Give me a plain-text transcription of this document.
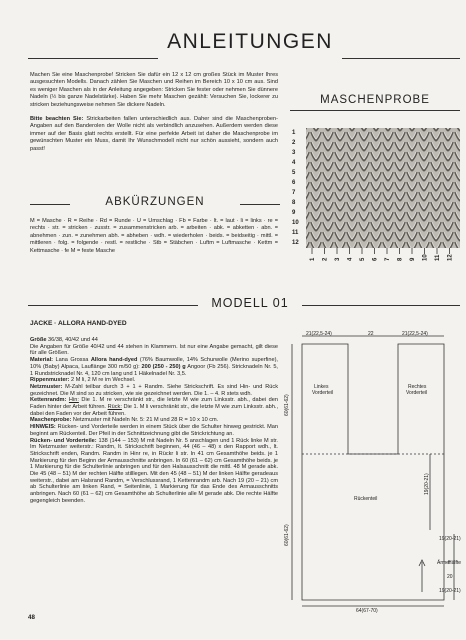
ANLEITUNGEN

Machen Sie eine Maschenprobe! Stricken Sie dafür ein 12 x 12 cm großes Stück im Muster Ihres ausgesuchten Modells. Danach zählen Sie Maschen und Reihen im Bereich 10 x 10 cm aus. Sind es weniger Maschen als in der Anleitung angegeben: Stricken Sie fester oder nehmen Sie dünnere Nadeln (½ bis ganze Nadelstärke). Haben Sie mehr Maschen gezählt: Versuchen Sie, lockerer zu stricken beziehungsweise nehmen Sie dickere Nadeln.

Bitte beachten Sie: Strickarbeiten fallen unterschiedlich aus. Daher sind die Maschenproben-Angaben auf den Banderolen der Wolle nicht als verbindlich anzusehen. Außerdem werden diese immer auf der Basis glatt rechts erstellt. Für eine perfekte Arbeit ist daher die Maschenprobe im gewünschten Muster ein Muss, damit Ihr Wunschmodell nicht nur schön aussieht, sondern auch passt!

ABKÜRZUNGEN
M = Masche · R = Reihe · Rd = Runde · U = Umschlag · Fb = Farbe · lt. = laut · li = links · re = rechts · str. = stricken · zusstr. = zusammenstricken arb. = arbeiten · abk. = abketten · abn. = abnehmen · zun. = zunehmen abh. = abheben · wdh. = wiederholen · beids. = beidseitig · mittl. = mittleren · folg. = folgende · restl. = restliche · Stb = Stäbchen · Luftm = Luftmasche · Kettm = Kettmasche · fe M = feste Masche
MASCHENPROBE
1
2
3
4
5
6
7
8
9
10
11
12
1 2 3 4 5 6 7 8 9 10 11 12
MODELL 01
JACKE · ALLORA HAND-DYED
Größe 36/38, 40/42 und 44
Die Angaben für Größe 40/42 und 44 stehen in Klammern. Ist nur eine Angabe gemacht, gilt diese für alle Größen.
Material: Lana Grossa Allora hand-dyed (76% Baumwolle, 14% Schurwolle (Merino superfine), 10% (Baby) Alpaca, Lauflänge 300 m/50 g): 200 (250 - 250) g Angoor (Fb 256). Stricknadeln Nr. 5, 1 Rundstricknadel Nr. 4, 120 cm lang und 1 Häkelnadel Nr. 3,5.
Rippenmuster: 2 M li, 2 M re im Wechsel.
Netzmuster: M-Zahl teilbar durch 3 + 1 + Randm. Siehe Strickschrift. Es sind Hin- und Rück gezeichnet. Die M sind so zu stricken, wie sie gezeichnet werden. Die 1. – 4. R stets wdh.
Kettenrandm: Hin: Die 1. M re verschränkt str., die letzte M wie zum Linksstr. abh., dabei den Faden hinter der Arbeit führen. Rück: Die 1. M li verschränkt str., die letzte M wie zum Linksstr. abh., dabei den Faden vor der Arbeit führen.
Maschenprobe: Netzmuster mit Nadeln Nr. 5: 21 M und 28 R = 10 x 10 cm.
HINWEIS: Rücken- und Vorderteile werden in einem Stück über die Schulter hinweg gestrickt. Man beginnt am Rückenteil. Der Pfeil in der Schnittzeichnung gibt die Strickrichtung an.
Rücken- und Vorderteile: 138 (144 – 153) M mit Nadeln Nr. 5 anschlagen und 1 Rück linke M str. Im Netzmuster weiterstr.: Randm, lt. Strickschrift beginnen, 44 (46 – 48) x den Rapport wdh., lt. Strickschrift enden, Randm. Randm in Hinr re, in Rückr li str. In 41 cm Gesamthöhe beids. je 1 Markierung für den Beginn der Armausschnitte anbringen. In 60 (61 – 62) cm Gesamthöhe beids. je 1 Markierung für die Schulterlinie anbringen und für den Halsausschnitt die mittl. 48 M gerade abk. Die 45 (48 – 51) M der rechten Hälfte stilllegen. Mit den 45 (48 – 51) M der linken Hälfte geradeaus weiterstr., dabei am Halsrand Randm, = Verschlussrand, 1 Kettenrandm arb. Nach 19 (20 – 21) cm ab Schulterlinie am linken Rand, = Seitenlinie, 1 Markierung für das Ende des Armausschnitts anbringen. Nach 60 (61 – 62) cm Gesamthöhe ab Schulterlinie alle M gerade abk. Die rechte Hälfte gegengleich beenden.
21(22,5-24)	22	21(22,5-24)
60(61-62)
60(61-62)
19(20-21)
Linkes
Vorderteil
Rechtes
Vorderteil
Rückenteil
19(20-21)
Ärmel
Hälfte
20
19(20-21)
64(67-70)
48
